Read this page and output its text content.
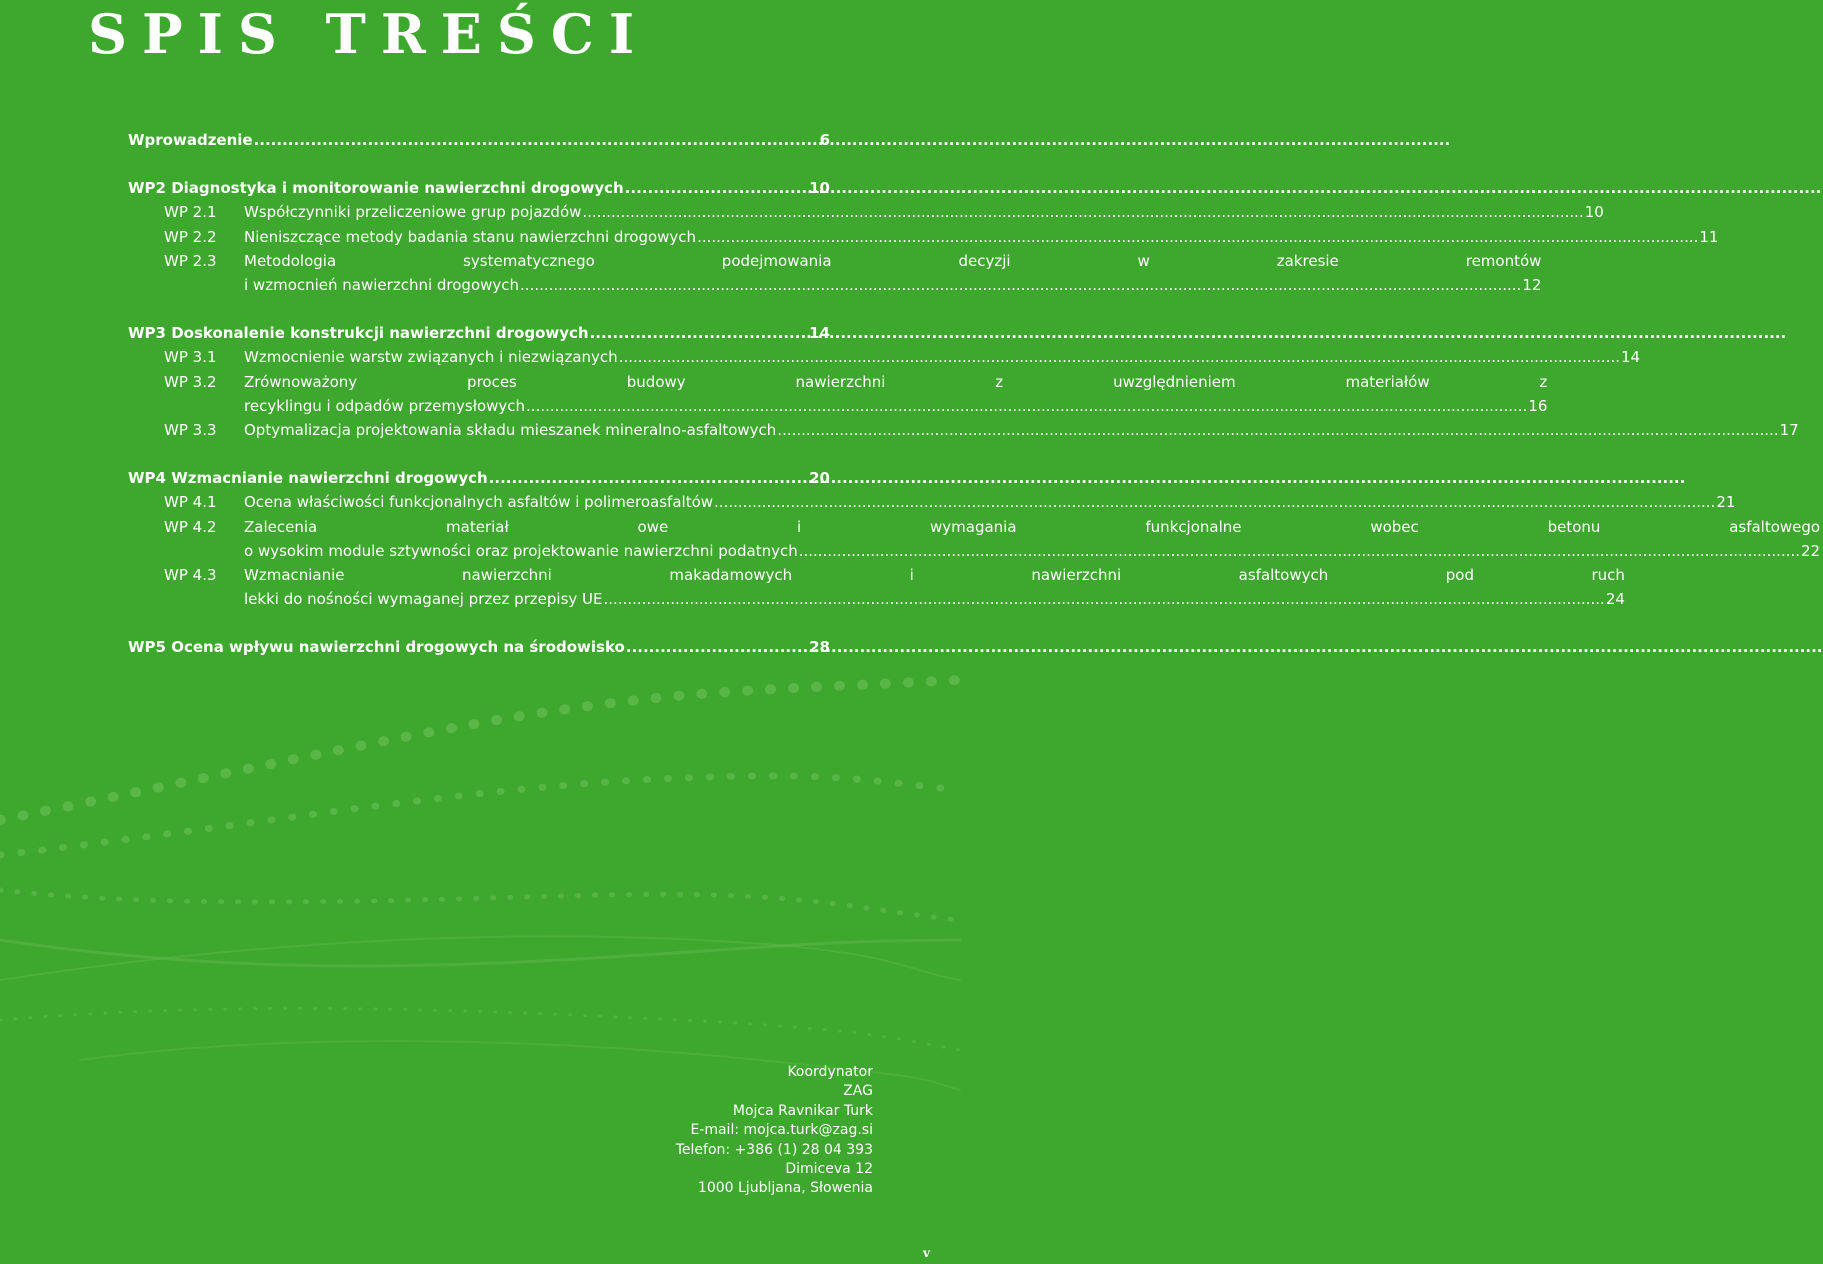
SPIS TREŚCI
Wprowadzenie .....	6
WP2 Diagnostyka i monitorowanie nawierzchni drogowych .....	10
WP 2.1	Współczynniki przeliczeniowe grup pojazdów .....	10
WP 2.2	Nieniszczące metody badania stanu nawierzchni drogowych .....	11
WP 2.3	Metodologia systematycznego podejmowania decyzji w zakresie remontów
i wzmocnień nawierzchni drogowych .....	12
WP3 Doskonalenie konstrukcji nawierzchni drogowych .....	14
WP 3.1	Wzmocnienie warstw związanych i niezwiązanych .....	14
WP 3.2	Zrównoważony proces budowy nawierzchni z uwzględnieniem materiałów z
recyklingu i odpadów przemysłowych .....	16
WP 3.3	Optymalizacja projektowania składu mieszanek mineralno-asfaltowych .....	17
WP4 Wzmacnianie nawierzchni drogowych .....	20
WP 4.1	Ocena właściwości funkcjonalnych asfaltów i polimeroasfaltów .....	21
WP 4.2	Zalecenia materiał owe i wymagania funkcjonalne wobec betonu asfaltowego
o wysokim module sztywności oraz projektowanie nawierzchni podatnych .....	22
WP 4.3	Wzmacnianie nawierzchni makadamowych i nawierzchni asfaltowych pod ruch
lekki do nośności wymaganej przez przepisy UE .....	24
WP5 Ocena wpływu nawierzchni drogowych na środowisko .....	28
Koordynator
ZAG
Mojca Ravnikar Turk
E-mail: mojca.turk@zag.si
Telefon: +386 (1) 28 04 393
Dimiceva 12
1000 Ljubljana, Słowenia
v
